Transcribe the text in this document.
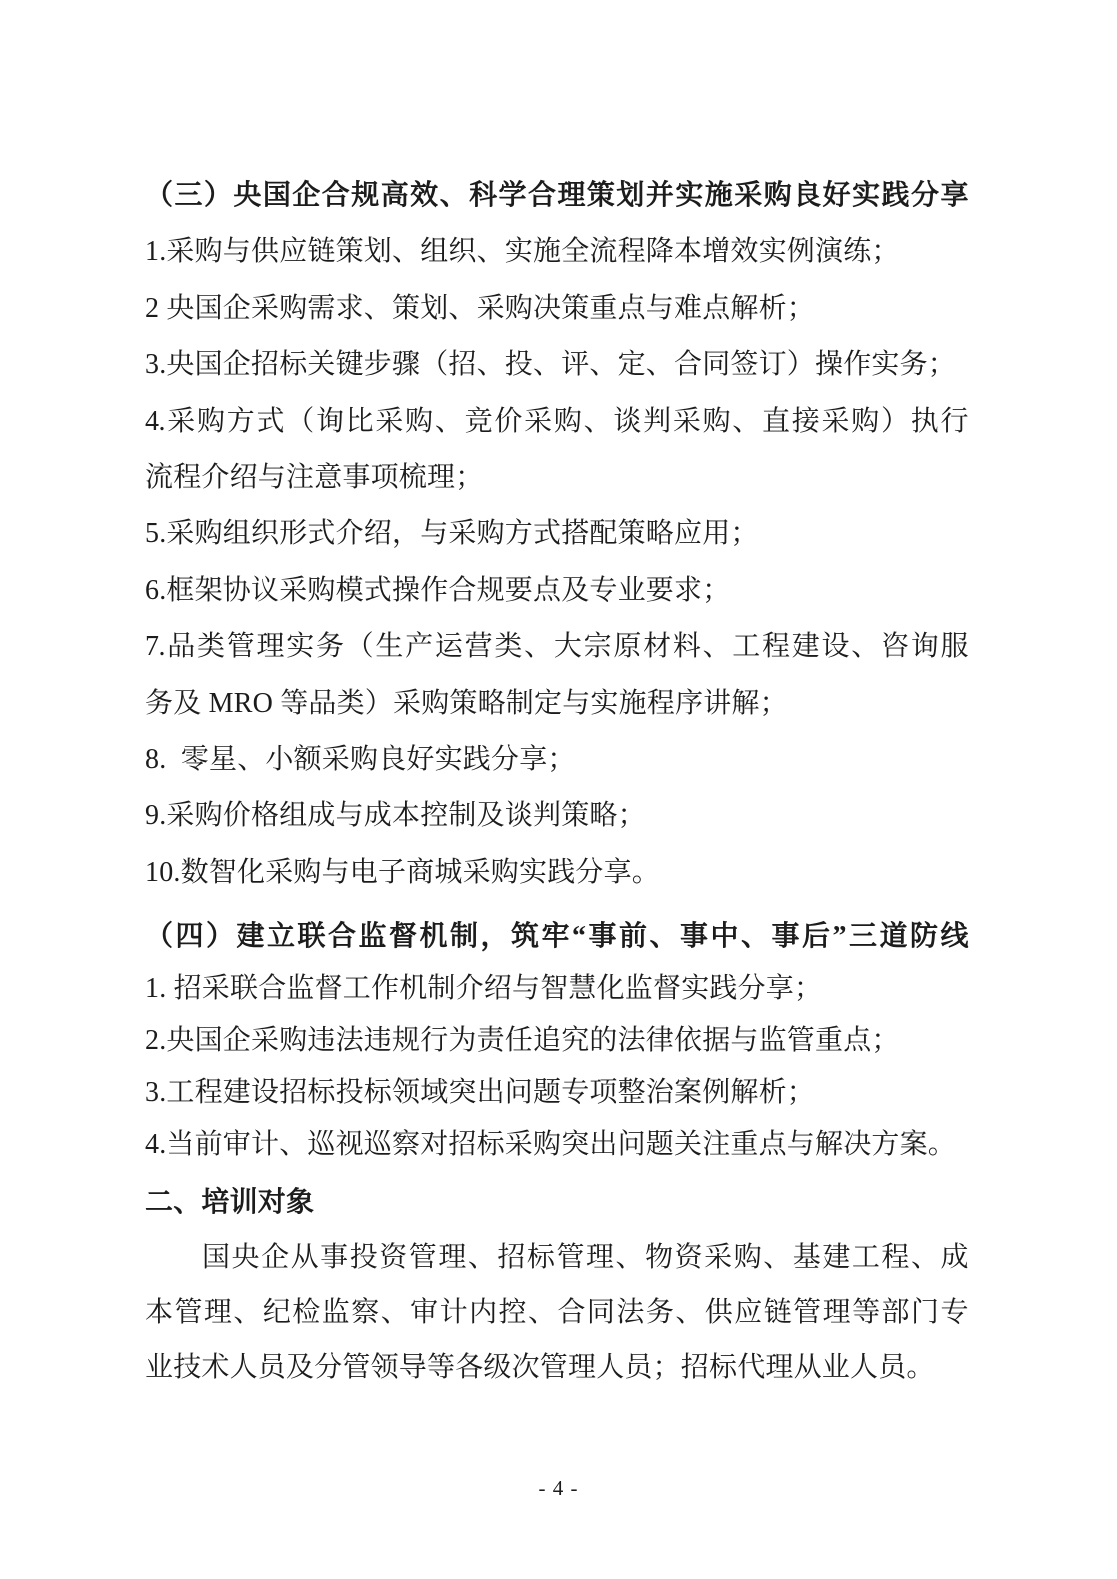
（三）央国企合规高效、科学合理策划并实施采购良好实践分享
1.采购与供应链策划、组织、实施全流程降本增效实例演练；
2 央国企采购需求、策划、采购决策重点与难点解析；
3.央国企招标关键步骤（招、投、评、定、合同签订）操作实务；
4.采购方式（询比采购、竞价采购、谈判采购、直接采购）执行
流程介绍与注意事项梳理；
5.采购组织形式介绍，与采购方式搭配策略应用；
6.框架协议采购模式操作合规要点及专业要求；
7.品类管理实务（生产运营类、大宗原材料、工程建设、咨询服
务及 MRO 等品类）采购策略制定与实施程序讲解；
8.  零星、小额采购良好实践分享；
9.采购价格组成与成本控制及谈判策略；
10.数智化采购与电子商城采购实践分享。
（四）建立联合监督机制，筑牢“事前、事中、事后”三道防线
1. 招采联合监督工作机制介绍与智慧化监督实践分享；
2.央国企采购违法违规行为责任追究的法律依据与监管重点；
3.工程建设招标投标领域突出问题专项整治案例解析；
4.当前审计、巡视巡察对招标采购突出问题关注重点与解决方案。
二、培训对象
国央企从事投资管理、招标管理、物资采购、基建工程、成
本管理、纪检监察、审计内控、合同法务、供应链管理等部门专
业技术人员及分管领导等各级次管理人员；招标代理从业人员。
- 4 -
